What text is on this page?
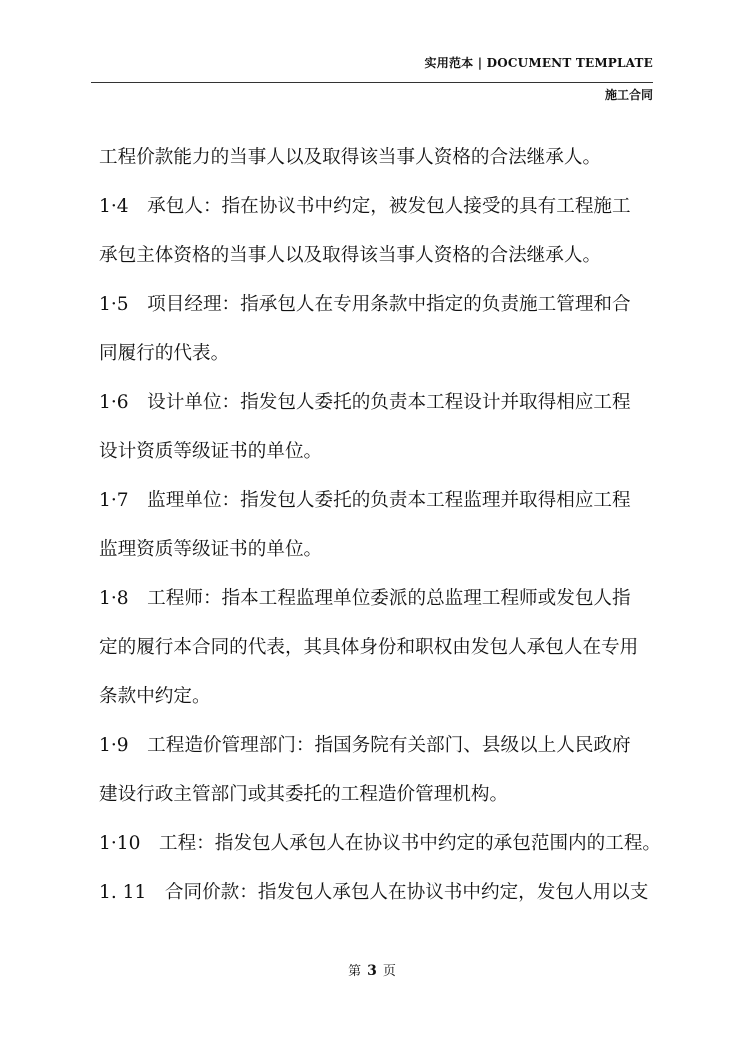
实用范本 | DOCUMENT TEMPLATE
施工合同
工程价款能力的当事人以及取得该当事人资格的合法继承人。
1·4　承包人：指在协议书中约定，被发包人接受的具有工程施工
承包主体资格的当事人以及取得该当事人资格的合法继承人。
1·5　项目经理：指承包人在专用条款中指定的负责施工管理和合
同履行的代表。
1·6　设计单位：指发包人委托的负责本工程设计并取得相应工程
设计资质等级证书的单位。
1·7　监理单位：指发包人委托的负责本工程监理并取得相应工程
监理资质等级证书的单位。
1·8　工程师：指本工程监理单位委派的总监理工程师或发包人指
定的履行本合同的代表，其具体身份和职权由发包人承包人在专用
条款中约定。
1·9　工程造价管理部门：指国务院有关部门、县级以上人民政府
建设行政主管部门或其委托的工程造价管理机构。
1·10　工程：指发包人承包人在协议书中约定的承包范围内的工程。
1. 11　合同价款：指发包人承包人在协议书中约定，发包人用以支
第 3 页
